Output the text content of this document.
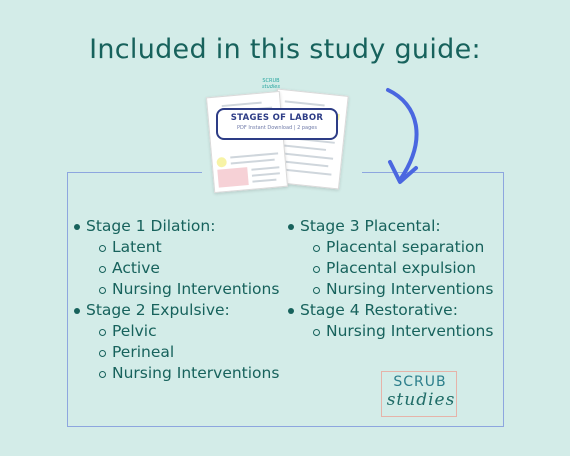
Included in this study guide:
SCRUB
studies
STAGES OF LABOR
PDF Instant Download | 2 pages
Stage 1 Dilation:
Latent
Active
Nursing Interventions
Stage 2 Expulsive:
Pelvic
Perineal
Nursing Interventions
Stage 3 Placental:
Placental separation
Placental expulsion
Nursing Interventions
Stage 4 Restorative:
Nursing Interventions
SCRUB
studies
